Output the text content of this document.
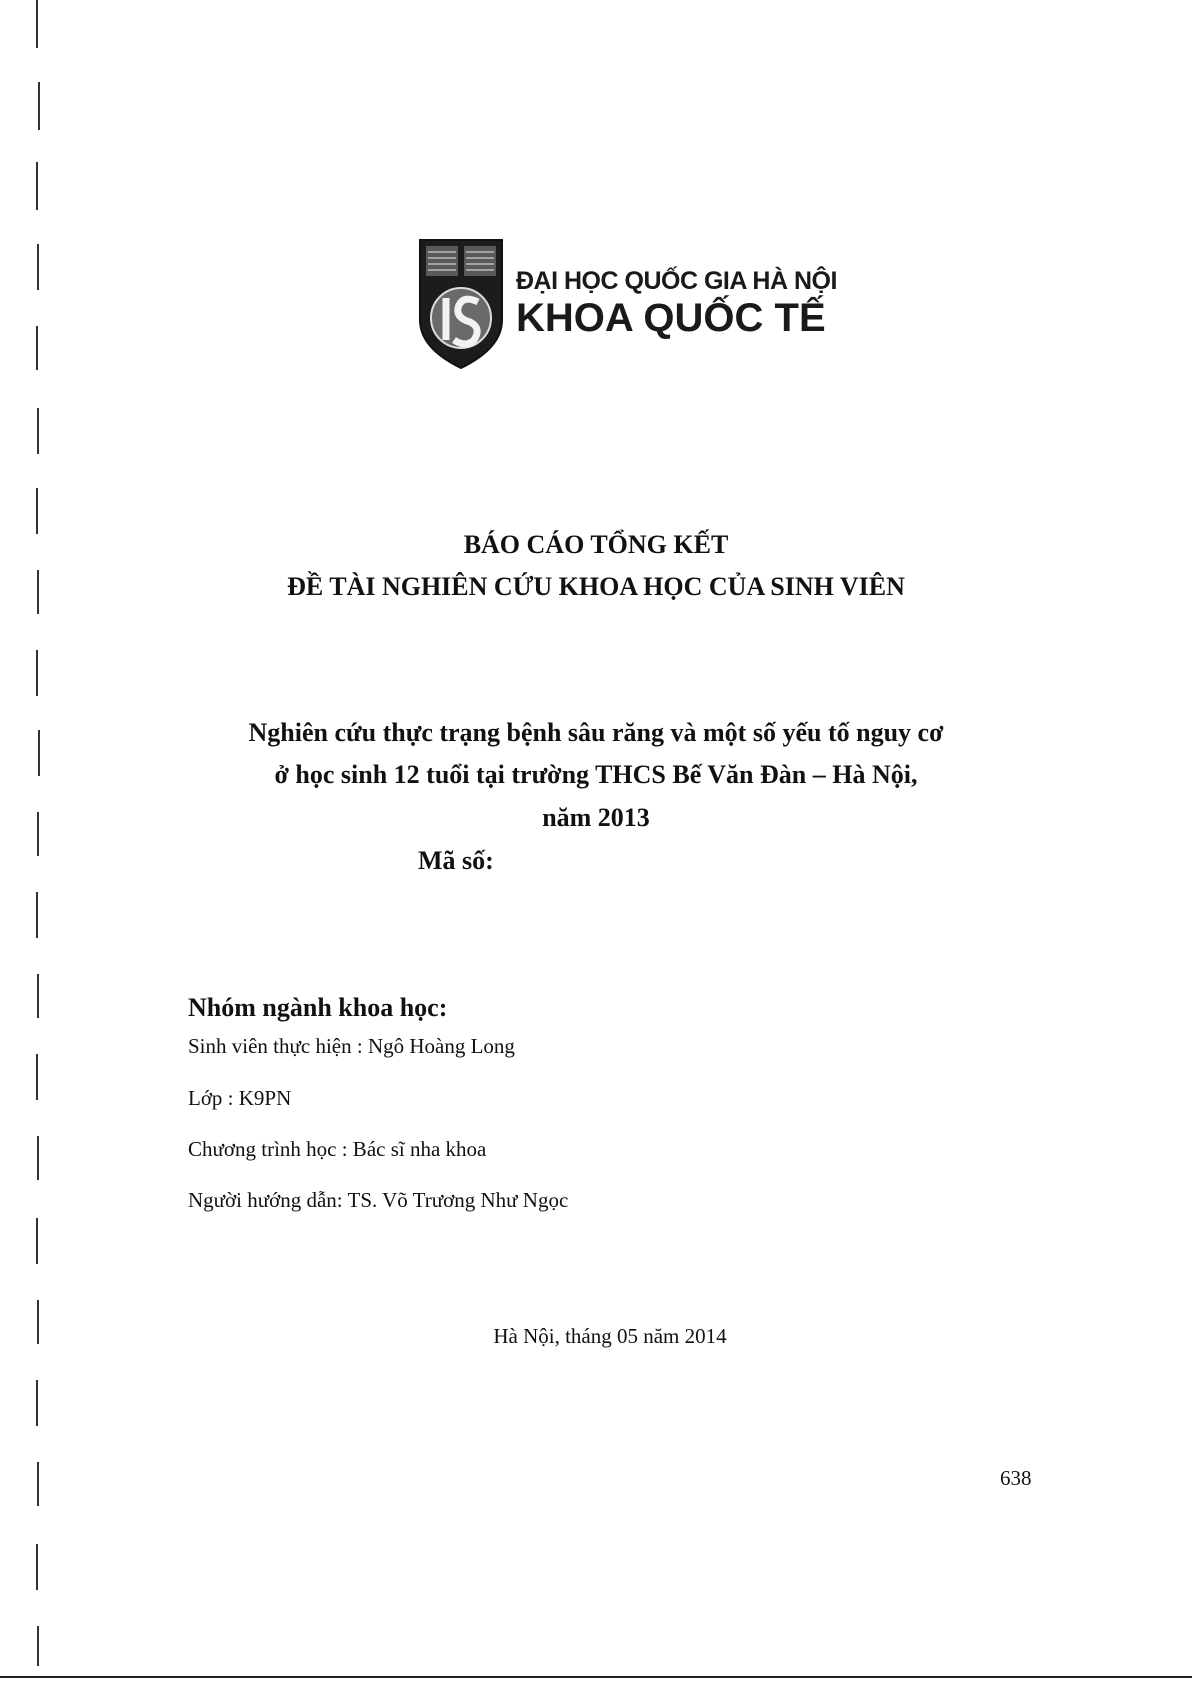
ĐẠI HỌC QUỐC GIA HÀ NỘI
KHOA QUỐC TẾ
BÁO CÁO TỔNG KẾT
ĐỀ TÀI NGHIÊN CỨU KHOA HỌC CỦA SINH VIÊN
Nghiên cứu thực trạng bệnh sâu răng và một số yếu tố nguy cơ
ở học sinh 12 tuổi tại trường THCS Bế Văn Đàn – Hà Nội,
năm 2013
Mã số:
Nhóm ngành khoa học:
Sinh viên thực hiện : Ngô Hoàng Long
Lớp : K9PN
Chương trình học : Bác sĩ nha khoa
Người hướng dẫn: TS. Võ Trương Như Ngọc
Hà Nội, tháng 05 năm 2014
638
